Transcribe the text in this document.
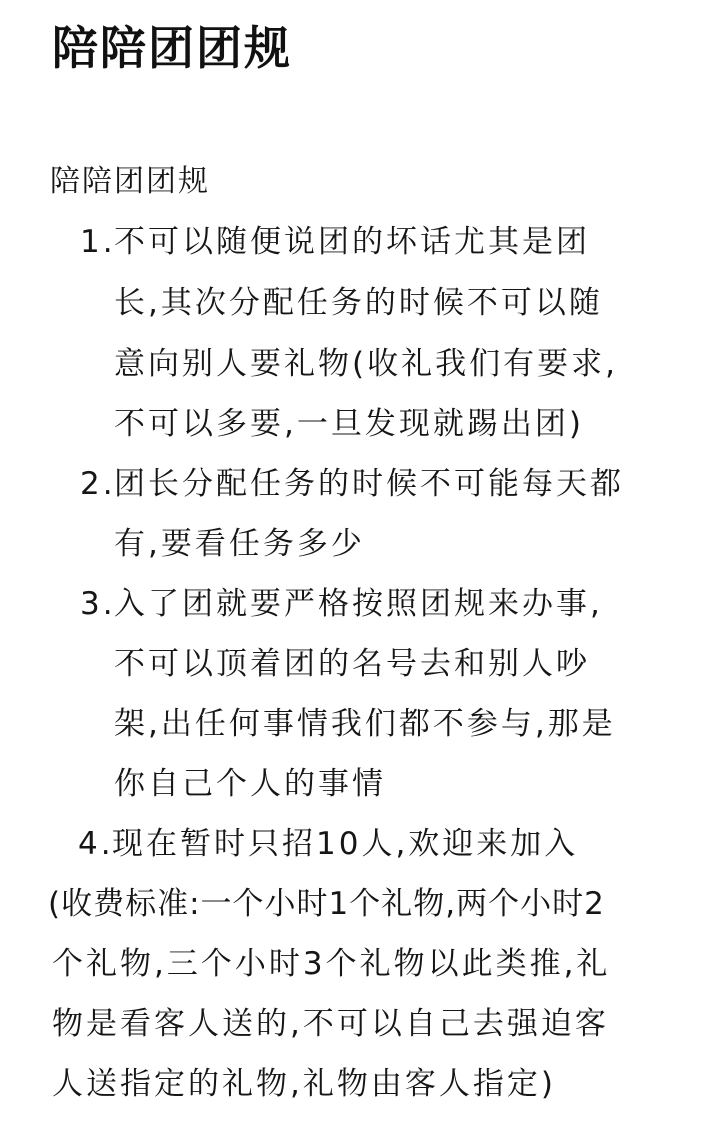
陪陪团团规
陪陪团团规
1.不可以随便说团的坏话尤其是团
长,其次分配任务的时候不可以随
意向别人要礼物(收礼我们有要求,
不可以多要,一旦发现就踢出团)
2.团长分配任务的时候不可能每天都
有,要看任务多少
3.入了团就要严格按照团规来办事,
不可以顶着团的名号去和别人吵
架,出任何事情我们都不参与,那是
你自己个人的事情
4.现在暂时只招10人,欢迎来加入
(收费标准:一个小时1个礼物,两个小时2
个礼物,三个小时3个礼物以此类推,礼
物是看客人送的,不可以自己去强迫客
人送指定的礼物,礼物由客人指定)
